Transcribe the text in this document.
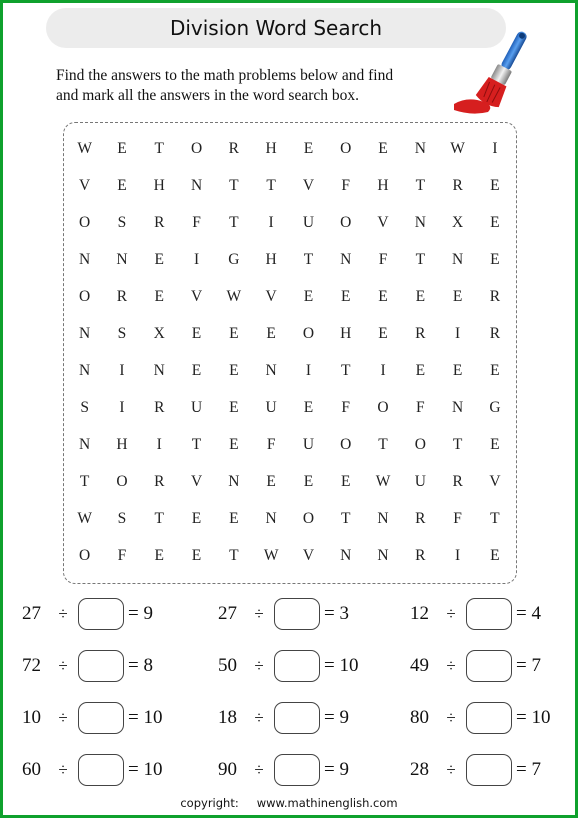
Division Word Search
Find the answers to the math problems below and find
and mark all the answers in the word search box.
W	E	T	O	R	H	E	O	E	N	W	I
V	E	H	N	T	T	V	F	H	T	R	E
O	S	R	F	T	I	U	O	V	N	X	E
N	N	E	I	G	H	T	N	F	T	N	E
O	R	E	V	W	V	E	E	E	E	E	R
N	S	X	E	E	E	O	H	E	R	I	R
N	I	N	E	E	N	I	T	I	E	E	E
S	I	R	U	E	U	E	F	O	F	N	G
N	H	I	T	E	F	U	O	T	O	T	E
T	O	R	V	N	E	E	E	W	U	R	V
W	S	T	E	E	N	O	T	N	R	F	T
O	F	E	E	T	W	V	N	N	R	I	E
27	÷	= 9	27	÷	= 3	12	÷	= 4
72	÷	= 8	50	÷	= 10	49	÷	= 7
10	÷	= 10	18	÷	= 9	80	÷	= 10
60	÷	= 10	90	÷	= 9	28	÷	= 7
copyright: www.mathinenglish.com
